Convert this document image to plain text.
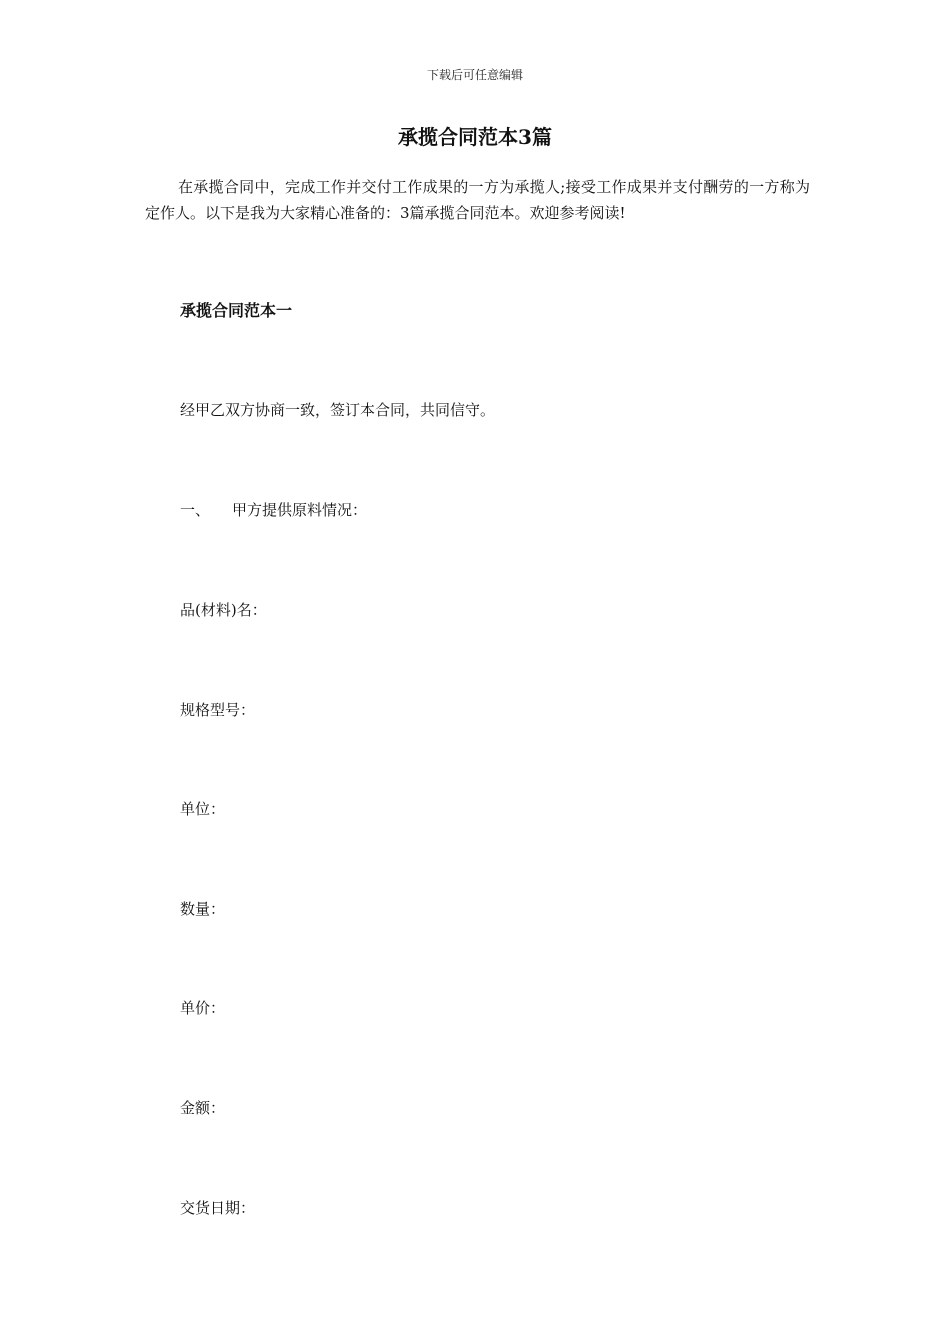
下载后可任意编辑
承揽合同范本3篇

在承揽合同中，完成工作并交付工作成果的一方为承揽人;接受工作成果并支付酬劳的一方称为定作人。以下是我为大家精心准备的：3篇承揽合同范本。欢迎参考阅读!

承揽合同范本一

经甲乙双方协商一致，签订本合同，共同信守。

一、 甲方提供原料情况：

品(材料)名：

规格型号：

单位：

数量：

单价：

金额：

交货日期：
